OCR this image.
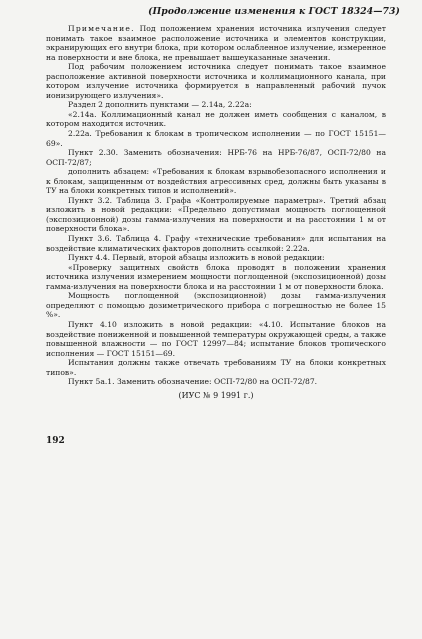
(Продолжение изменения к ГОСТ 18324—73)

Примечание. Под положением хранения источника излучения следует понимать такое взаимное расположение источника и элементов конструкции, экранирующих его внутри блока, при котором ослабленное излучение, измеренное на поверхности и вне блока, не превышает вышеуказанные значения.

Под рабочим положением источника следует понимать такое взаимное расположение активной поверхности источника и коллимационного канала, при котором излучение источника формируется в направленный рабочий пучок ионизирующего излучения».

Раздел 2 дополнить пунктами — 2.14а, 2.22а:

«2.14а. Коллимационный канал не должен иметь сообщения с каналом, в котором находится источник.

2.22а. Требования к блокам в тропическом исполнении — по ГОСТ 15151—69».

Пункт 2.30. Заменить обозначения: НРБ-76 на НРБ-76/87, ОСП-72/80 на ОСП-72/87;

дополнить абзацем: «Требования к блокам взрывобезопасного исполнения и к блокам, защищенным от воздействия агрессивных сред, должны быть указаны в ТУ на блоки конкретных типов и исполнений».

Пункт 3.2. Таблица 3. Графа «Контролируемые параметры». Третий абзац изложить в новой редакции: «Предельно допустимая мощность поглощенной (экспозиционной) дозы гамма-излучения на поверхности и на расстоянии 1 м от поверхности блока».

Пункт 3.6. Таблица 4. Графу «технические требования» для испытания на воздействие климатических факторов дополнить ссылкой: 2.22а.

Пункт 4.4. Первый, второй абзацы изложить в новой редакции:

«Проверку защитных свойств блока проводят в положении хранения источника излучения измерением мощности поглощенной (экспозиционной) дозы гамма-излучения на поверхности блока и на расстоянии 1 м от поверхности блока.

Мощность поглощенной (экспозиционной) дозы гамма-излучения определяют с помощью дозиметрического прибора с погрешностью не более 15 %».

Пункт 4.10 изложить в новой редакции: «4.10. Испытание блоков на воздействие пониженной и повышенной температуры окружающей среды, а также повышенной влажности — по ГОСТ 12997—84; испытание блоков тропического исполнения — ГОСТ 15151—69.

Испытания должны также отвечать требованиям ТУ на блоки конкретных типов».

Пункт 5а.1. Заменить обозначение: ОСП-72/80 на ОСП-72/87.

(ИУС № 9 1991 г.)

192
